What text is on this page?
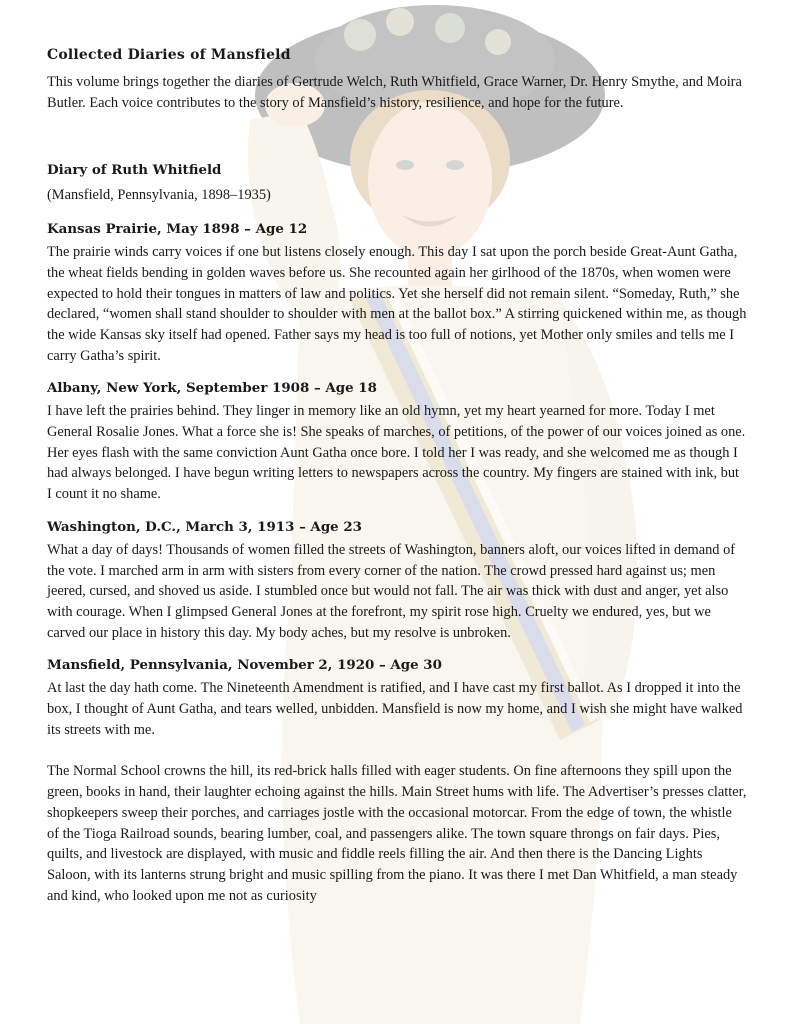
Collected Diaries of Mansfield

This volume brings together the diaries of Gertrude Welch, Ruth Whitfield, Grace Warner, Dr. Henry Smythe, and Moira Butler. Each voice contributes to the story of Mansfield’s history, resilience, and hope for the future.

Diary of Ruth Whitfield

(Mansfield, Pennsylvania, 1898–1935)

Kansas Prairie, May 1898 – Age 12

The prairie winds carry voices if one but listens closely enough. This day I sat upon the porch beside Great-Aunt Gatha, the wheat fields bending in golden waves before us. She recounted again her girlhood of the 1870s, when women were expected to hold their tongues in matters of law and politics. Yet she herself did not remain silent. “Someday, Ruth,” she declared, “women shall stand shoulder to shoulder with men at the ballot box.” A stirring quickened within me, as though the wide Kansas sky itself had opened. Father says my head is too full of notions, yet Mother only smiles and tells me I carry Gatha’s spirit.

Albany, New York, September 1908 – Age 18

I have left the prairies behind. They linger in memory like an old hymn, yet my heart yearned for more. Today I met General Rosalie Jones. What a force she is! She speaks of marches, of petitions, of the power of our voices joined as one. Her eyes flash with the same conviction Aunt Gatha once bore. I told her I was ready, and she welcomed me as though I had always belonged. I have begun writing letters to newspapers across the country. My fingers are stained with ink, but I count it no shame.

Washington, D.C., March 3, 1913 – Age 23

What a day of days! Thousands of women filled the streets of Washington, banners aloft, our voices lifted in demand of the vote. I marched arm in arm with sisters from every corner of the nation. The crowd pressed hard against us; men jeered, cursed, and shoved us aside. I stumbled once but would not fall. The air was thick with dust and anger, yet also with courage. When I glimpsed General Jones at the forefront, my spirit rose high. Cruelty we endured, yes, but we carved our place in history this day. My body aches, but my resolve is unbroken.

Mansfield, Pennsylvania, November 2, 1920 – Age 30

At last the day hath come. The Nineteenth Amendment is ratified, and I have cast my first ballot. As I dropped it into the box, I thought of Aunt Gatha, and tears welled, unbidden. Mansfield is now my home, and I wish she might have walked its streets with me.

The Normal School crowns the hill, its red-brick halls filled with eager students. On fine afternoons they spill upon the green, books in hand, their laughter echoing against the hills. Main Street hums with life. The Advertiser’s presses clatter, shopkeepers sweep their porches, and carriages jostle with the occasional motorcar. From the edge of town, the whistle of the Tioga Railroad sounds, bearing lumber, coal, and passengers alike. The town square throngs on fair days. Pies, quilts, and livestock are displayed, with music and fiddle reels filling the air. And then there is the Dancing Lights Saloon, with its lanterns strung bright and music spilling from the piano. It was there I met Dan Whitfield, a man steady and kind, who looked upon me not as curiosity
